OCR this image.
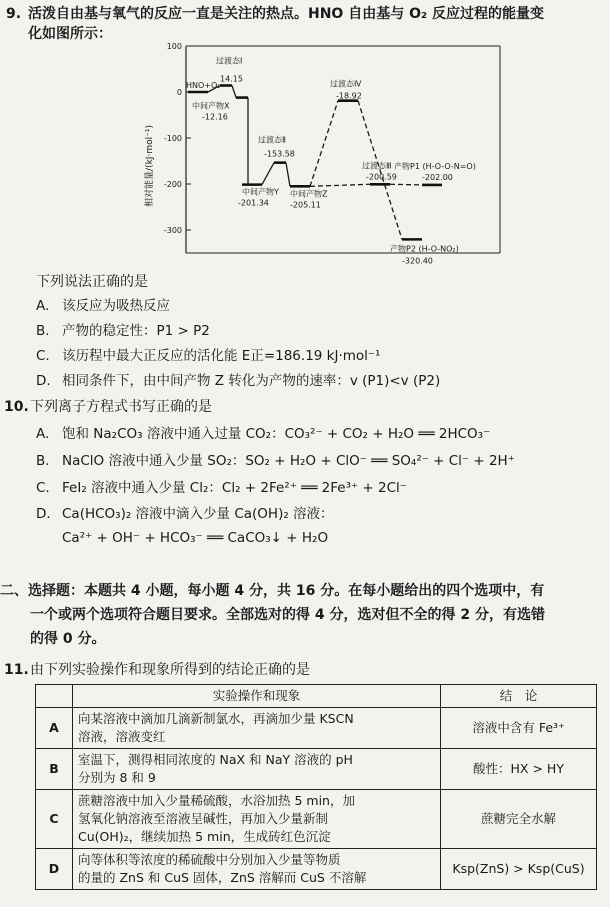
9. 活泼自由基与氧气的反应一直是关注的热点。HNO 自由基与 O₂ 反应过程的能量变
化如图所示：
100
0
-100
-200
-300
相对能量/(kJ·mol⁻¹)
HNO+O₂
过渡态Ⅰ
14.15
中间产物X
-12.16
中间产物Y
-201.34
过渡态Ⅱ
-153.58
中间产物Z
-205.11
过渡态Ⅳ
-18.92
过渡态Ⅲ
-200.59
产物P1 (H-O-O-N=O)
-202.00
产物P2 (H-O-NO₂)
-320.40
下列说法正确的是
A. 该反应为吸热反应
B. 产物的稳定性：P1 > P2
C. 该历程中最大正反应的活化能 E正=186.19 kJ·mol⁻¹
D. 相同条件下，由中间产物 Z 转化为产物的速率：v (P1)<v (P2)
10. 下列离子方程式书写正确的是
A. 饱和 Na₂CO₃ 溶液中通入过量 CO₂：CO₃²⁻ + CO₂ + H₂O ══ 2HCO₃⁻
B. NaClO 溶液中通入少量 SO₂：SO₂ + H₂O + ClO⁻ ══ SO₄²⁻ + Cl⁻ + 2H⁺
C. FeI₂ 溶液中通入少量 Cl₂：Cl₂ + 2Fe²⁺ ══ 2Fe³⁺ + 2Cl⁻
D. Ca(HCO₃)₂ 溶液中滴入少量 Ca(OH)₂ 溶液：
Ca²⁺ + OH⁻ + HCO₃⁻ ══ CaCO₃↓ + H₂O
二、选择题：本题共 4 小题，每小题 4 分，共 16 分。在每小题给出的四个选项中，有
一个或两个选项符合题目要求。全部选对的得 4 分，选对但不全的得 2 分，有选错
的得 0 分。
11. 由下列实验操作和现象所得到的结论正确的是
	实验操作和现象	结　论
A	向某溶液中滴加几滴新制氯水，再滴加少量 KSCN
溶液，溶液变红	溶液中含有 Fe³⁺
B	室温下，测得相同浓度的 NaX 和 NaY 溶液的 pH
分别为 8 和 9	酸性：HX > HY
C	蔗糖溶液中加入少量稀硫酸，水浴加热 5 min，加
氢氧化钠溶液至溶液呈碱性，再加入少量新制
Cu(OH)₂，继续加热 5 min，生成砖红色沉淀	蔗糖完全水解
D	向等体积等浓度的稀硫酸中分别加入少量等物质
的量的 ZnS 和 CuS 固体，ZnS 溶解而 CuS 不溶解	Ksp(ZnS) > Ksp(CuS)
